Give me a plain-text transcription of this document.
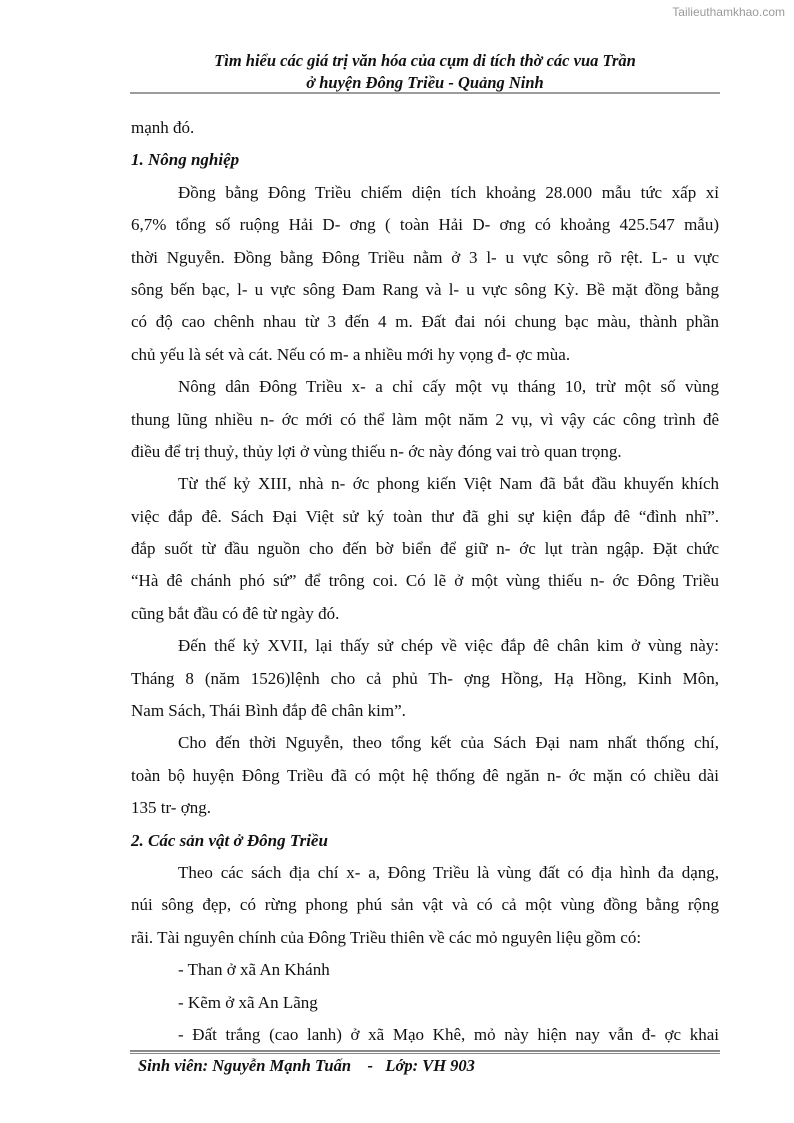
Tailieuthamkhao.com
Tìm hiểu các giá trị văn hóa của cụm di tích thờ các vua Trần
ở huyện Đông Triều - Quảng Ninh
mạnh đó.
1. Nông nghiệp
Đồng bằng Đông Triều chiếm diện tích khoảng 28.000 mẫu tức xấp xỉ
6,7% tổng số ruộng Hải D- ơng ( toàn Hải D- ơng có khoảng 425.547 mẫu)
thời Nguyễn. Đồng bằng Đông Triều nằm ở 3 l- u vực sông rõ rệt. L- u vực
sông bến bạc, l- u vực sông Đam Rang và l- u vực sông Kỳ. Bề mặt đồng bằng
có độ cao chênh nhau từ 3 đến 4 m. Đất đai nói chung bạc màu, thành phần
chủ yếu là sét và cát. Nếu có m- a nhiều mới hy vọng đ- ợc mùa.
Nông dân Đông Triều x- a chỉ cấy một vụ tháng 10, trừ một số vùng
thung lũng nhiều n- ớc mới có thể làm một năm 2 vụ, vì vậy các công trình đê
điều để trị thuỷ, thủy lợi ở vùng thiếu n- ớc này đóng vai trò quan trọng.
Từ thế kỷ XIII, nhà n- ớc phong kiến Việt Nam đã bắt đầu khuyến khích
việc đắp đê. Sách Đại Việt sử ký toàn thư đã ghi sự kiện đắp đê “đình nhĩ”.
đắp suốt từ đầu nguồn cho đến bờ biển để giữ n- ớc lụt tràn ngập. Đặt chức
“Hà đê chánh phó sứ” để trông coi. Có lẽ ở một vùng thiếu n- ớc Đông Triều
cũng bắt đầu có đê từ ngày đó.
Đến thế kỷ XVII, lại thấy sử chép về việc đắp đê chân kim ở vùng này:
Tháng 8 (năm 1526)lệnh cho cả phủ Th- ợng Hồng, Hạ Hồng, Kinh Môn,
Nam Sách, Thái Bình đắp đê chân kim”.
Cho đến thời Nguyễn, theo tổng kết của Sách Đại nam nhất thống chí,
toàn bộ huyện Đông Triều đã có một hệ thống đê ngăn n- ớc mặn có chiều dài
135 tr- ợng.
2. Các sản vật ở Đông Triều
Theo các sách địa chí x- a, Đông Triều là vùng đất có địa hình đa dạng,
núi sông đẹp, có rừng phong phú sản vật và có cả một vùng đồng bằng rộng
rãi. Tài nguyên chính của Đông Triều thiên về các mỏ nguyên liệu gồm có:
- Than ở xã An Khánh
- Kẽm ở xã An Lãng
- Đất trắng (cao lanh) ở xã Mạo Khê, mỏ này hiện nay vẫn đ- ợc khai
Sinh viên: Nguyễn Mạnh Tuấn - Lớp: VH 903
